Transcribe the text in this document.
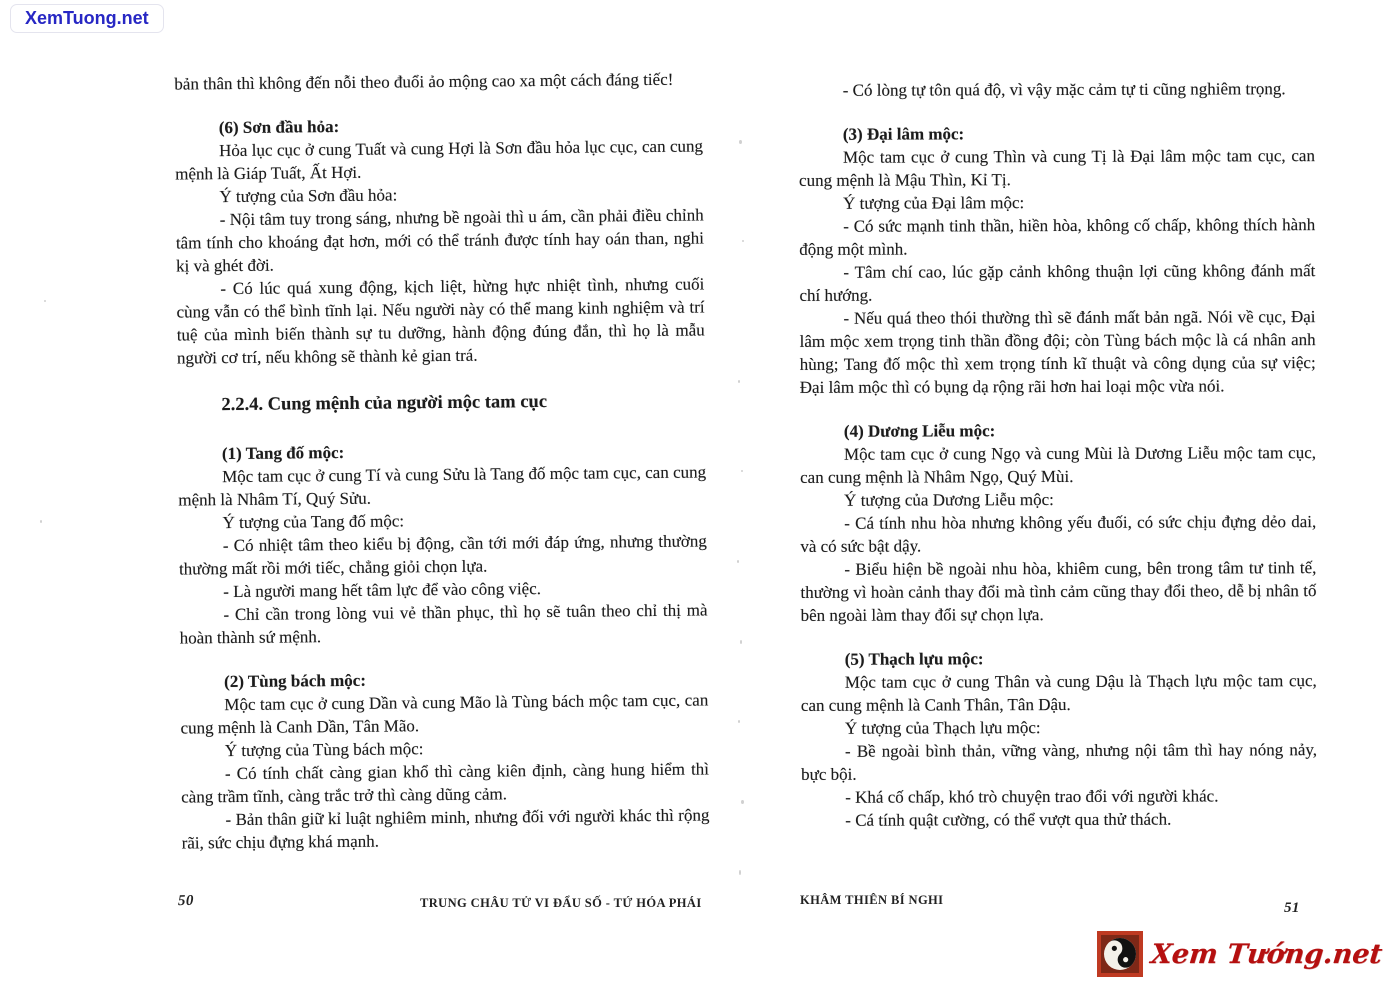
XemTuong.net

bản thân thì không đến nỗi theo đuổi ảo mộng cao xa một cách đáng tiếc!

(6) Sơn đầu hỏa:

Hỏa lục cục ở cung Tuất và cung Hợi là Sơn đầu hỏa lục cục, can cung mệnh là Giáp Tuất, Ất Hợi.

Ý tượng của Sơn đầu hỏa:

- Nội tâm tuy trong sáng, nhưng bề ngoài thì u ám, cần phải điều chỉnh tâm tính cho khoáng đạt hơn, mới có thể tránh được tính hay oán than, nghi kị và ghét đời.

- Có lúc quá xung động, kịch liệt, hừng hực nhiệt tình, nhưng cuối cùng vẫn có thể bình tĩnh lại. Nếu người này có thể mang kinh nghiệm và trí tuệ của mình biến thành sự tu dưỡng, hành động đúng đắn, thì họ là mẫu người cơ trí, nếu không sẽ thành kẻ gian trá.

2.2.4. Cung mệnh của người mộc tam cục

(1) Tang đố mộc:

Mộc tam cục ở cung Tí và cung Sửu là Tang đố mộc tam cục, can cung mệnh là Nhâm Tí, Quý Sửu.

Ý tượng của Tang đố mộc:

- Có nhiệt tâm theo kiểu bị động, cần tới mới đáp ứng, nhưng thường thường mất rồi mới tiếc, chẳng giỏi chọn lựa.

- Là người mang hết tâm lực để vào công việc.

- Chỉ cần trong lòng vui vẻ thần phục, thì họ sẽ tuân theo chỉ thị mà hoàn thành sứ mệnh.

(2) Tùng bách mộc:

Mộc tam cục ở cung Dần và cung Mão là Tùng bách mộc tam cục, can cung mệnh là Canh Dần, Tân Mão.

Ý tượng của Tùng bách mộc:

- Có tính chất càng gian khổ thì càng kiên định, càng hung hiểm thì càng trầm tĩnh, càng trắc trở thì càng dũng cảm.

- Bản thân giữ kỉ luật nghiêm minh, nhưng đối với người khác thì rộng rãi, sức chịu đựng khá mạnh.

- Có lòng tự tôn quá độ, vì vậy mặc cảm tự ti cũng nghiêm trọng.

(3) Đại lâm mộc:

Mộc tam cục ở cung Thìn và cung Tị là Đại lâm mộc tam cục, can cung mệnh là Mậu Thìn, Kỉ Tị.

Ý tượng của Đại lâm mộc:

- Có sức mạnh tinh thần, hiền hòa, không cố chấp, không thích hành động một mình.

- Tâm chí cao, lúc gặp cảnh không thuận lợi cũng không đánh mất chí hướng.

- Nếu quá theo thói thường thì sẽ đánh mất bản ngã. Nói về cục, Đại lâm mộc xem trọng tinh thần đồng đội; còn Tùng bách mộc là cá nhân anh hùng; Tang đố mộc thì xem trọng tính kĩ thuật và công dụng của sự việc; Đại lâm mộc thì có bụng dạ rộng rãi hơn hai loại mộc vừa nói.

(4) Dương Liễu mộc:

Mộc tam cục ở cung Ngọ và cung Mùi là Dương Liễu mộc tam cục, can cung mệnh là Nhâm Ngọ, Quý Mùi.

Ý tượng của Dương Liễu mộc:

- Cá tính nhu hòa nhưng không yếu đuối, có sức chịu đựng dẻo dai, và có sức bật dậy.

- Biểu hiện bề ngoài nhu hòa, khiêm cung, bên trong tâm tư tinh tế, thường vì hoàn cảnh thay đổi mà tình cảm cũng thay đổi theo, dễ bị nhân tố bên ngoài làm thay đổi sự chọn lựa.

(5) Thạch lựu mộc:

Mộc tam cục ở cung Thân và cung Dậu là Thạch lựu mộc tam cục, can cung mệnh là Canh Thân, Tân Dậu.

Ý tượng của Thạch lựu mộc:

- Bề ngoài bình thản, vững vàng, nhưng nội tâm thì hay nóng nảy, bực bội.

- Khá cố chấp, khó trò chuyện trao đổi với người khác.

- Cá tính quật cường, có thể vượt qua thử thách.

50	TRUNG CHÂU TỬ VI ĐẨU SỐ - TỨ HÓA PHÁI	KHÂM THIÊN BÍ NGHI	51
Xem Tướng.net
